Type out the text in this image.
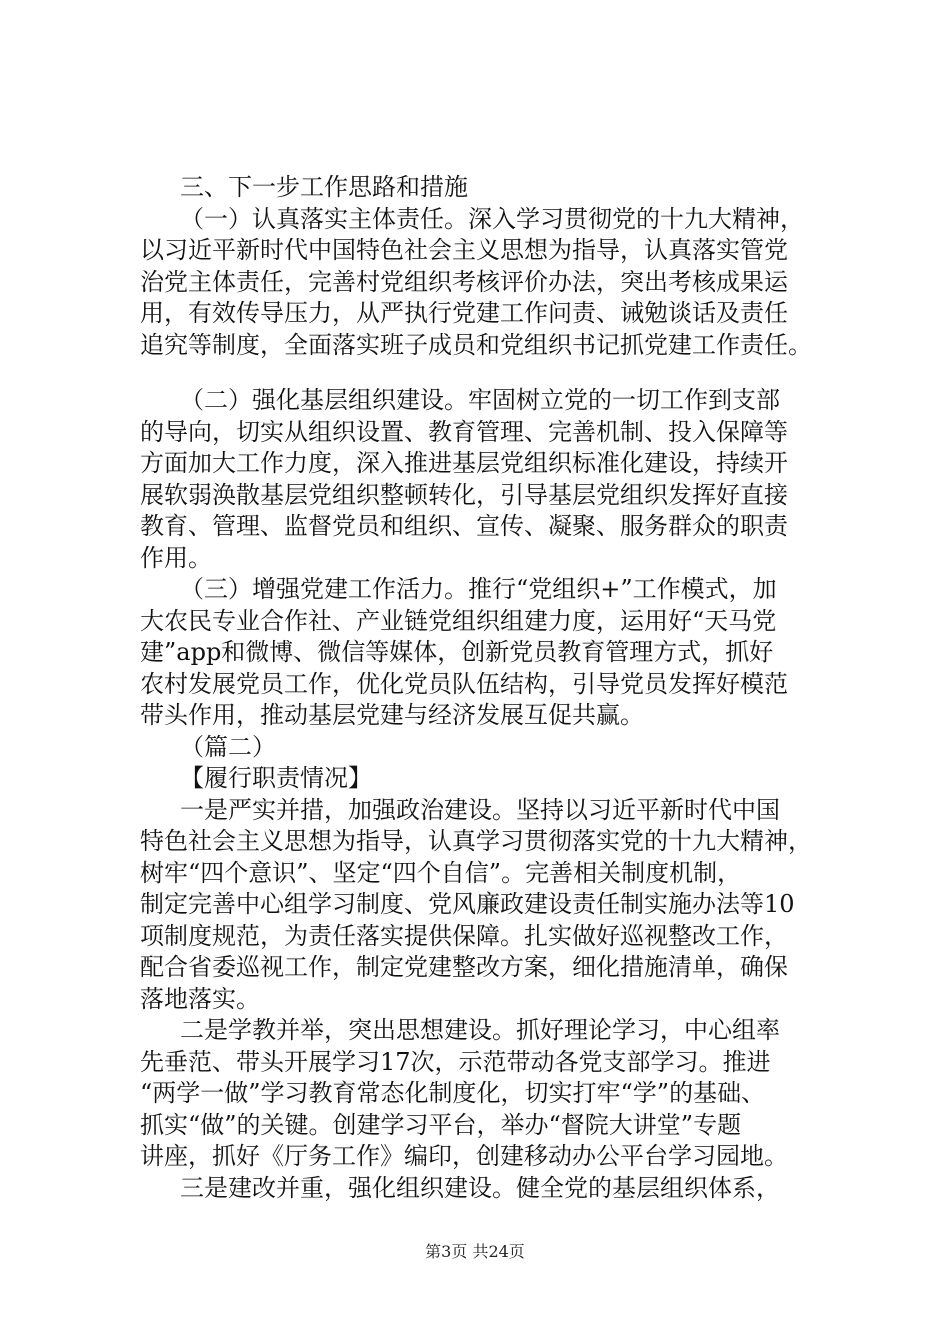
三、下一步工作思路和措施
（一）认真落实主体责任。深入学习贯彻党的十九大精神，
以习近平新时代中国特色社会主义思想为指导，认真落实管党
治党主体责任，完善村党组织考核评价办法，突出考核成果运
用，有效传导压力，从严执行党建工作问责、诫勉谈话及责任
追究等制度，全面落实班子成员和党组织书记抓党建工作责任。
（二）强化基层组织建设。牢固树立党的一切工作到支部
的导向，切实从组织设置、教育管理、完善机制、投入保障等
方面加大工作力度，深入推进基层党组织标准化建设，持续开
展软弱涣散基层党组织整顿转化，引导基层党组织发挥好直接
教育、管理、监督党员和组织、宣传、凝聚、服务群众的职责
作用。
（三）增强党建工作活力。推行“党组织+”工作模式，加
大农民专业合作社、产业链党组织组建力度，运用好“天马党
建”app和微博、微信等媒体，创新党员教育管理方式，抓好
农村发展党员工作，优化党员队伍结构，引导党员发挥好模范
带头作用，推动基层党建与经济发展互促共赢。
（篇二）
【履行职责情况】
一是严实并措，加强政治建设。坚持以习近平新时代中国
特色社会主义思想为指导，认真学习贯彻落实党的十九大精神，
树牢“四个意识”、坚定“四个自信”。完善相关制度机制，
制定完善中心组学习制度、党风廉政建设责任制实施办法等10
项制度规范，为责任落实提供保障。扎实做好巡视整改工作，
配合省委巡视工作，制定党建整改方案，细化措施清单，确保
落地落实。
二是学教并举，突出思想建设。抓好理论学习，中心组率
先垂范、带头开展学习17次，示范带动各党支部学习。推进
“两学一做”学习教育常态化制度化，切实打牢“学”的基础、
抓实“做”的关键。创建学习平台，举办“督院大讲堂”专题
讲座，抓好《厅务工作》编印，创建移动办公平台学习园地。
三是建改并重，强化组织建设。健全党的基层组织体系，
第3页 共24页
